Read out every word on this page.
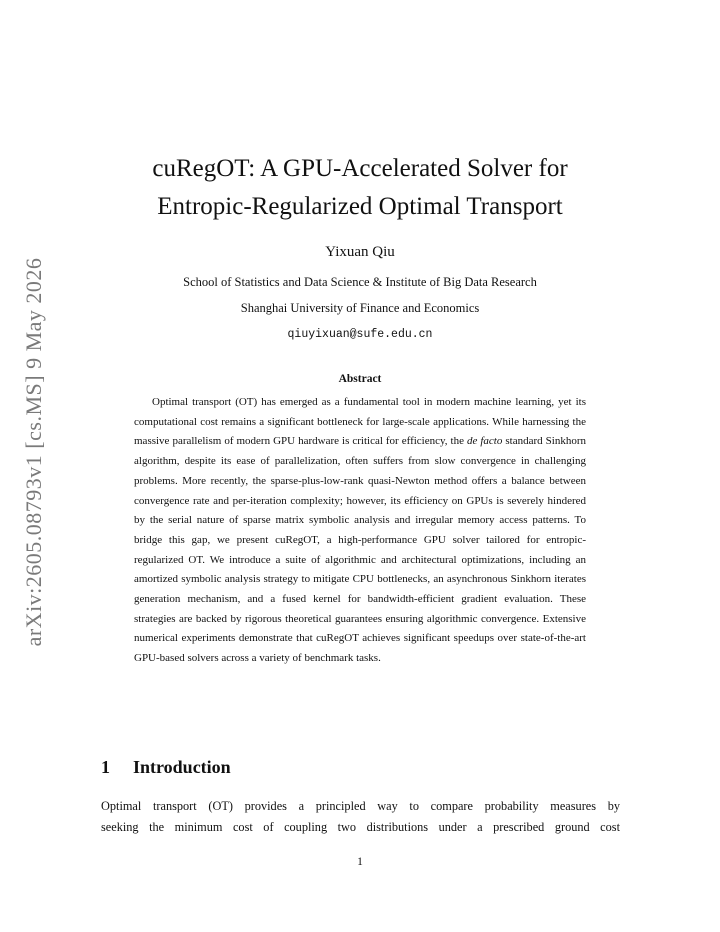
arXiv:2605.08793v1 [cs.MS] 9 May 2026
cuRegOT: A GPU-Accelerated Solver for
Entropic-Regularized Optimal Transport
Yixuan Qiu
School of Statistics and Data Science & Institute of Big Data Research
Shanghai University of Finance and Economics
qiuyixuan@sufe.edu.cn
Abstract

Optimal transport (OT) has emerged as a fundamental tool in modern machine learning, yet its computational cost remains a significant bottleneck for large-scale applications. While harnessing the massive parallelism of modern GPU hardware is critical for efficiency, the de facto standard Sinkhorn algorithm, despite its ease of parallelization, often suffers from slow convergence in challenging problems. More recently, the sparse-plus-low-rank quasi-Newton method offers a balance between convergence rate and per-iteration complexity; however, its efficiency on GPUs is severely hindered by the serial nature of sparse matrix symbolic analysis and irregular memory access patterns. To bridge this gap, we present cuRegOT, a high-performance GPU solver tailored for entropic-regularized OT. We introduce a suite of algorithmic and architectural optimizations, including an amortized symbolic analysis strategy to mitigate CPU bottlenecks, an asynchronous Sinkhorn iterates generation mechanism, and a fused kernel for bandwidth-efficient gradient evaluation. These strategies are backed by rigorous theoretical guarantees ensuring algorithmic convergence. Extensive numerical experiments demonstrate that cuRegOT achieves significant speedups over state-of-the-art GPU-based solvers across a variety of benchmark tasks.

1 Introduction

Optimal transport (OT) provides a principled way to compare probability measures by
seeking the minimum cost of coupling two distributions under a prescribed ground cost

1
